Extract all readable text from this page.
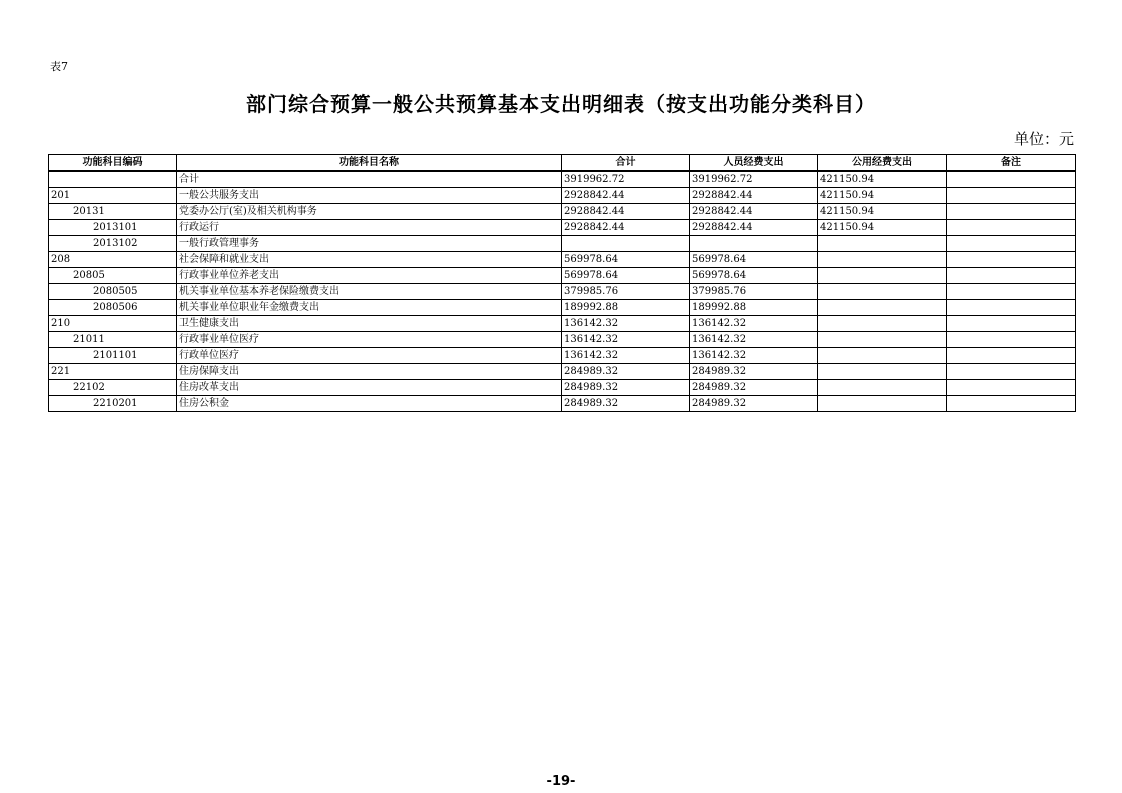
表7
部门综合预算一般公共预算基本支出明细表（按支出功能分类科目）
单位：元
功能科目编码	功能科目名称	合计	人员经费支出	公用经费支出	备注
	合计	3919962.72	3919962.72	421150.94	
201	一般公共服务支出	2928842.44	2928842.44	421150.94	
20131	党委办公厅(室)及相关机构事务	2928842.44	2928842.44	421150.94	
2013101	行政运行	2928842.44	2928842.44	421150.94	
2013102	一般行政管理事务				
208	社会保障和就业支出	569978.64	569978.64		
20805	行政事业单位养老支出	569978.64	569978.64		
2080505	机关事业单位基本养老保险缴费支出	379985.76	379985.76		
2080506	机关事业单位职业年金缴费支出	189992.88	189992.88		
210	卫生健康支出	136142.32	136142.32		
21011	行政事业单位医疗	136142.32	136142.32		
2101101	行政单位医疗	136142.32	136142.32		
221	住房保障支出	284989.32	284989.32		
22102	住房改革支出	284989.32	284989.32		
2210201	住房公积金	284989.32	284989.32		
-19-
